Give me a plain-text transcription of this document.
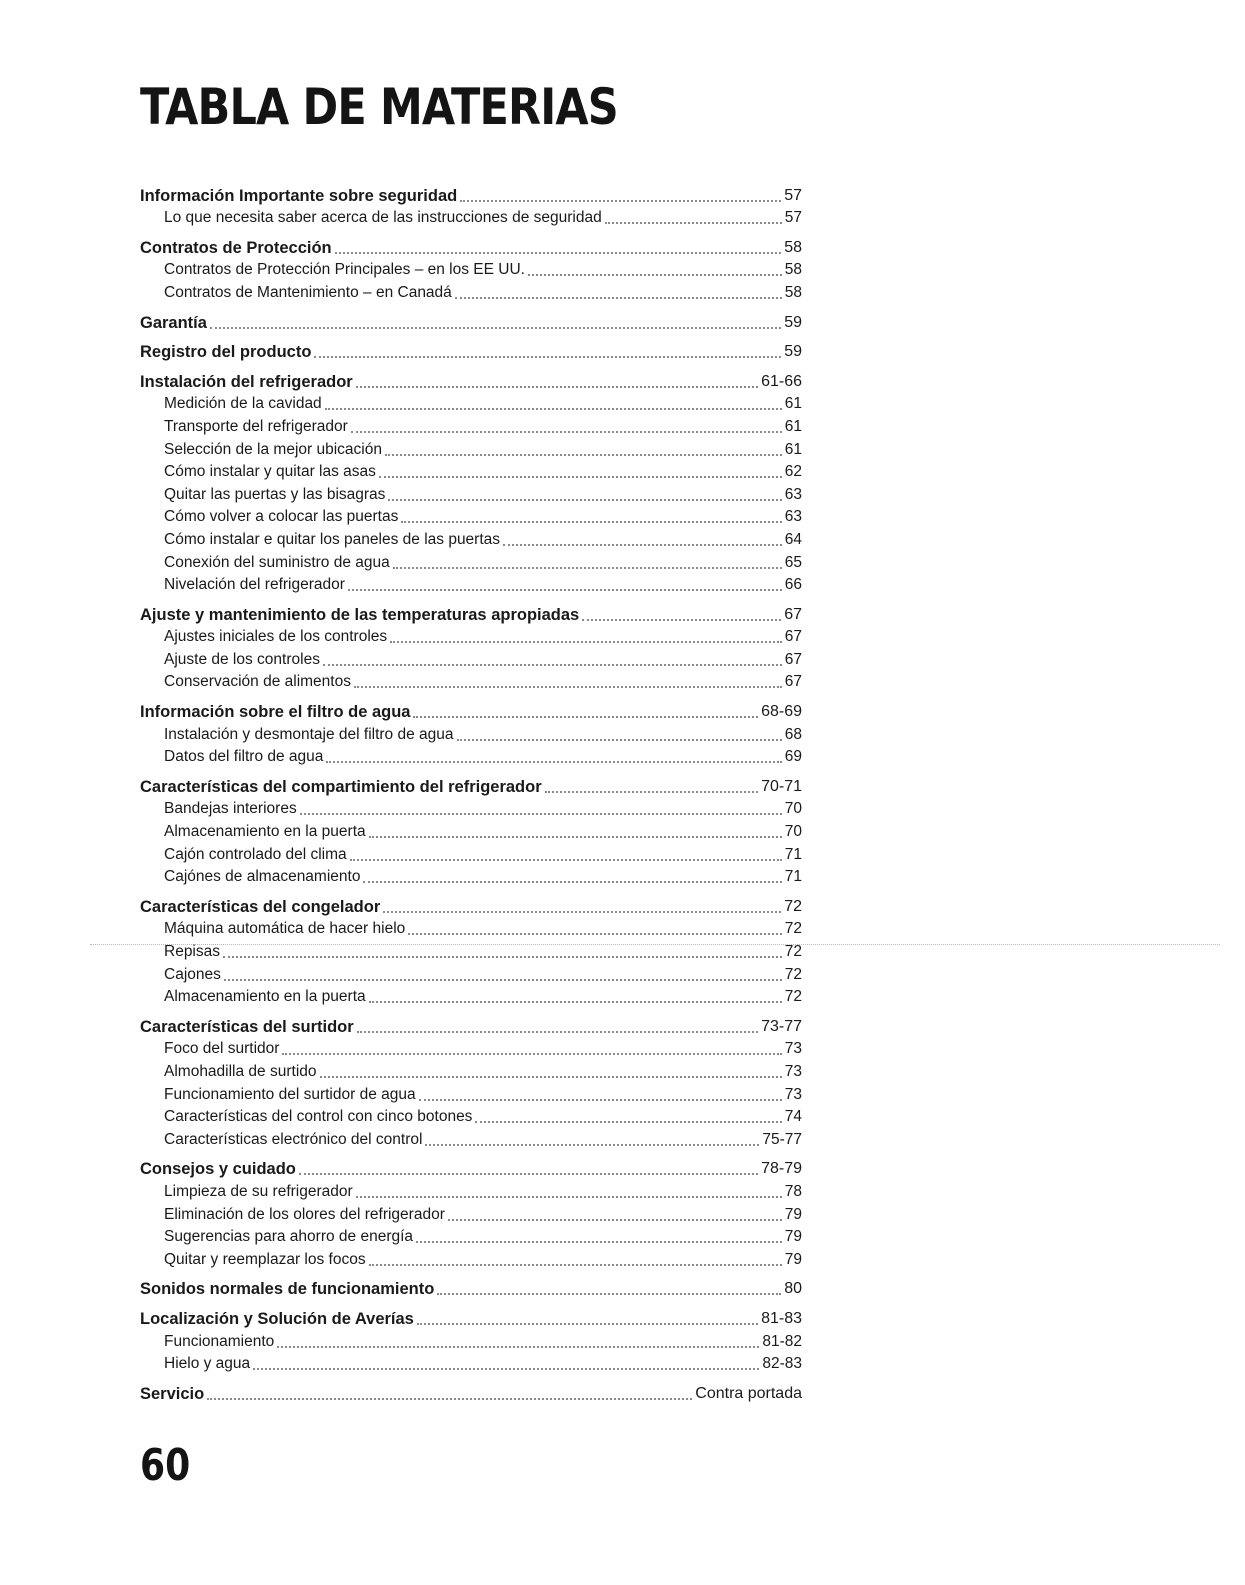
TABLA DE MATERIAS
Información Importante sobre seguridad	57
Lo que necesita saber acerca de las instrucciones de seguridad	57
Contratos de Protección	58
Contratos de Protección Principales – en los EE UU.	58
Contratos de Mantenimiento – en Canadá	58
Garantía	59
Registro del producto	59
Instalación del refrigerador	61-66
Medición de la cavidad	61
Transporte del refrigerador	61
Selección de la mejor ubicación	61
Cómo instalar y quitar las asas	62
Quitar las puertas y las bisagras	63
Cómo volver a colocar las puertas	63
Cómo instalar e quitar los paneles de las puertas	64
Conexión del suministro de agua	65
Nivelación del refrigerador	66
Ajuste y mantenimiento de las temperaturas apropiadas	67
Ajustes iniciales de los controles	67
Ajuste de los controles	67
Conservación de alimentos	67
Información sobre el filtro de agua	68-69
Instalación y desmontaje del filtro de agua	68
Datos del filtro de agua	69
Características del compartimiento del refrigerador	70-71
Bandejas interiores	70
Almacenamiento en la puerta	70
Cajón controlado del clima	71
Cajónes de almacenamiento	71
Características del congelador	72
Máquina automática de hacer hielo	72
Repisas	72
Cajones	72
Almacenamiento en la puerta	72
Características del surtidor	73-77
Foco del surtidor	73
Almohadilla de surtido	73
Funcionamiento del surtidor de agua	73
Características del control con cinco botones	74
Características electrónico del control	75-77
Consejos y cuidado	78-79
Limpieza de su refrigerador	78
Eliminación de los olores del refrigerador	79
Sugerencias para ahorro de energía	79
Quitar y reemplazar los focos	79
Sonidos normales de funcionamiento	80
Localización y Solución de Averías	81-83
Funcionamiento	81-82
Hielo y agua	82-83
Servicio	Contra portada
60
